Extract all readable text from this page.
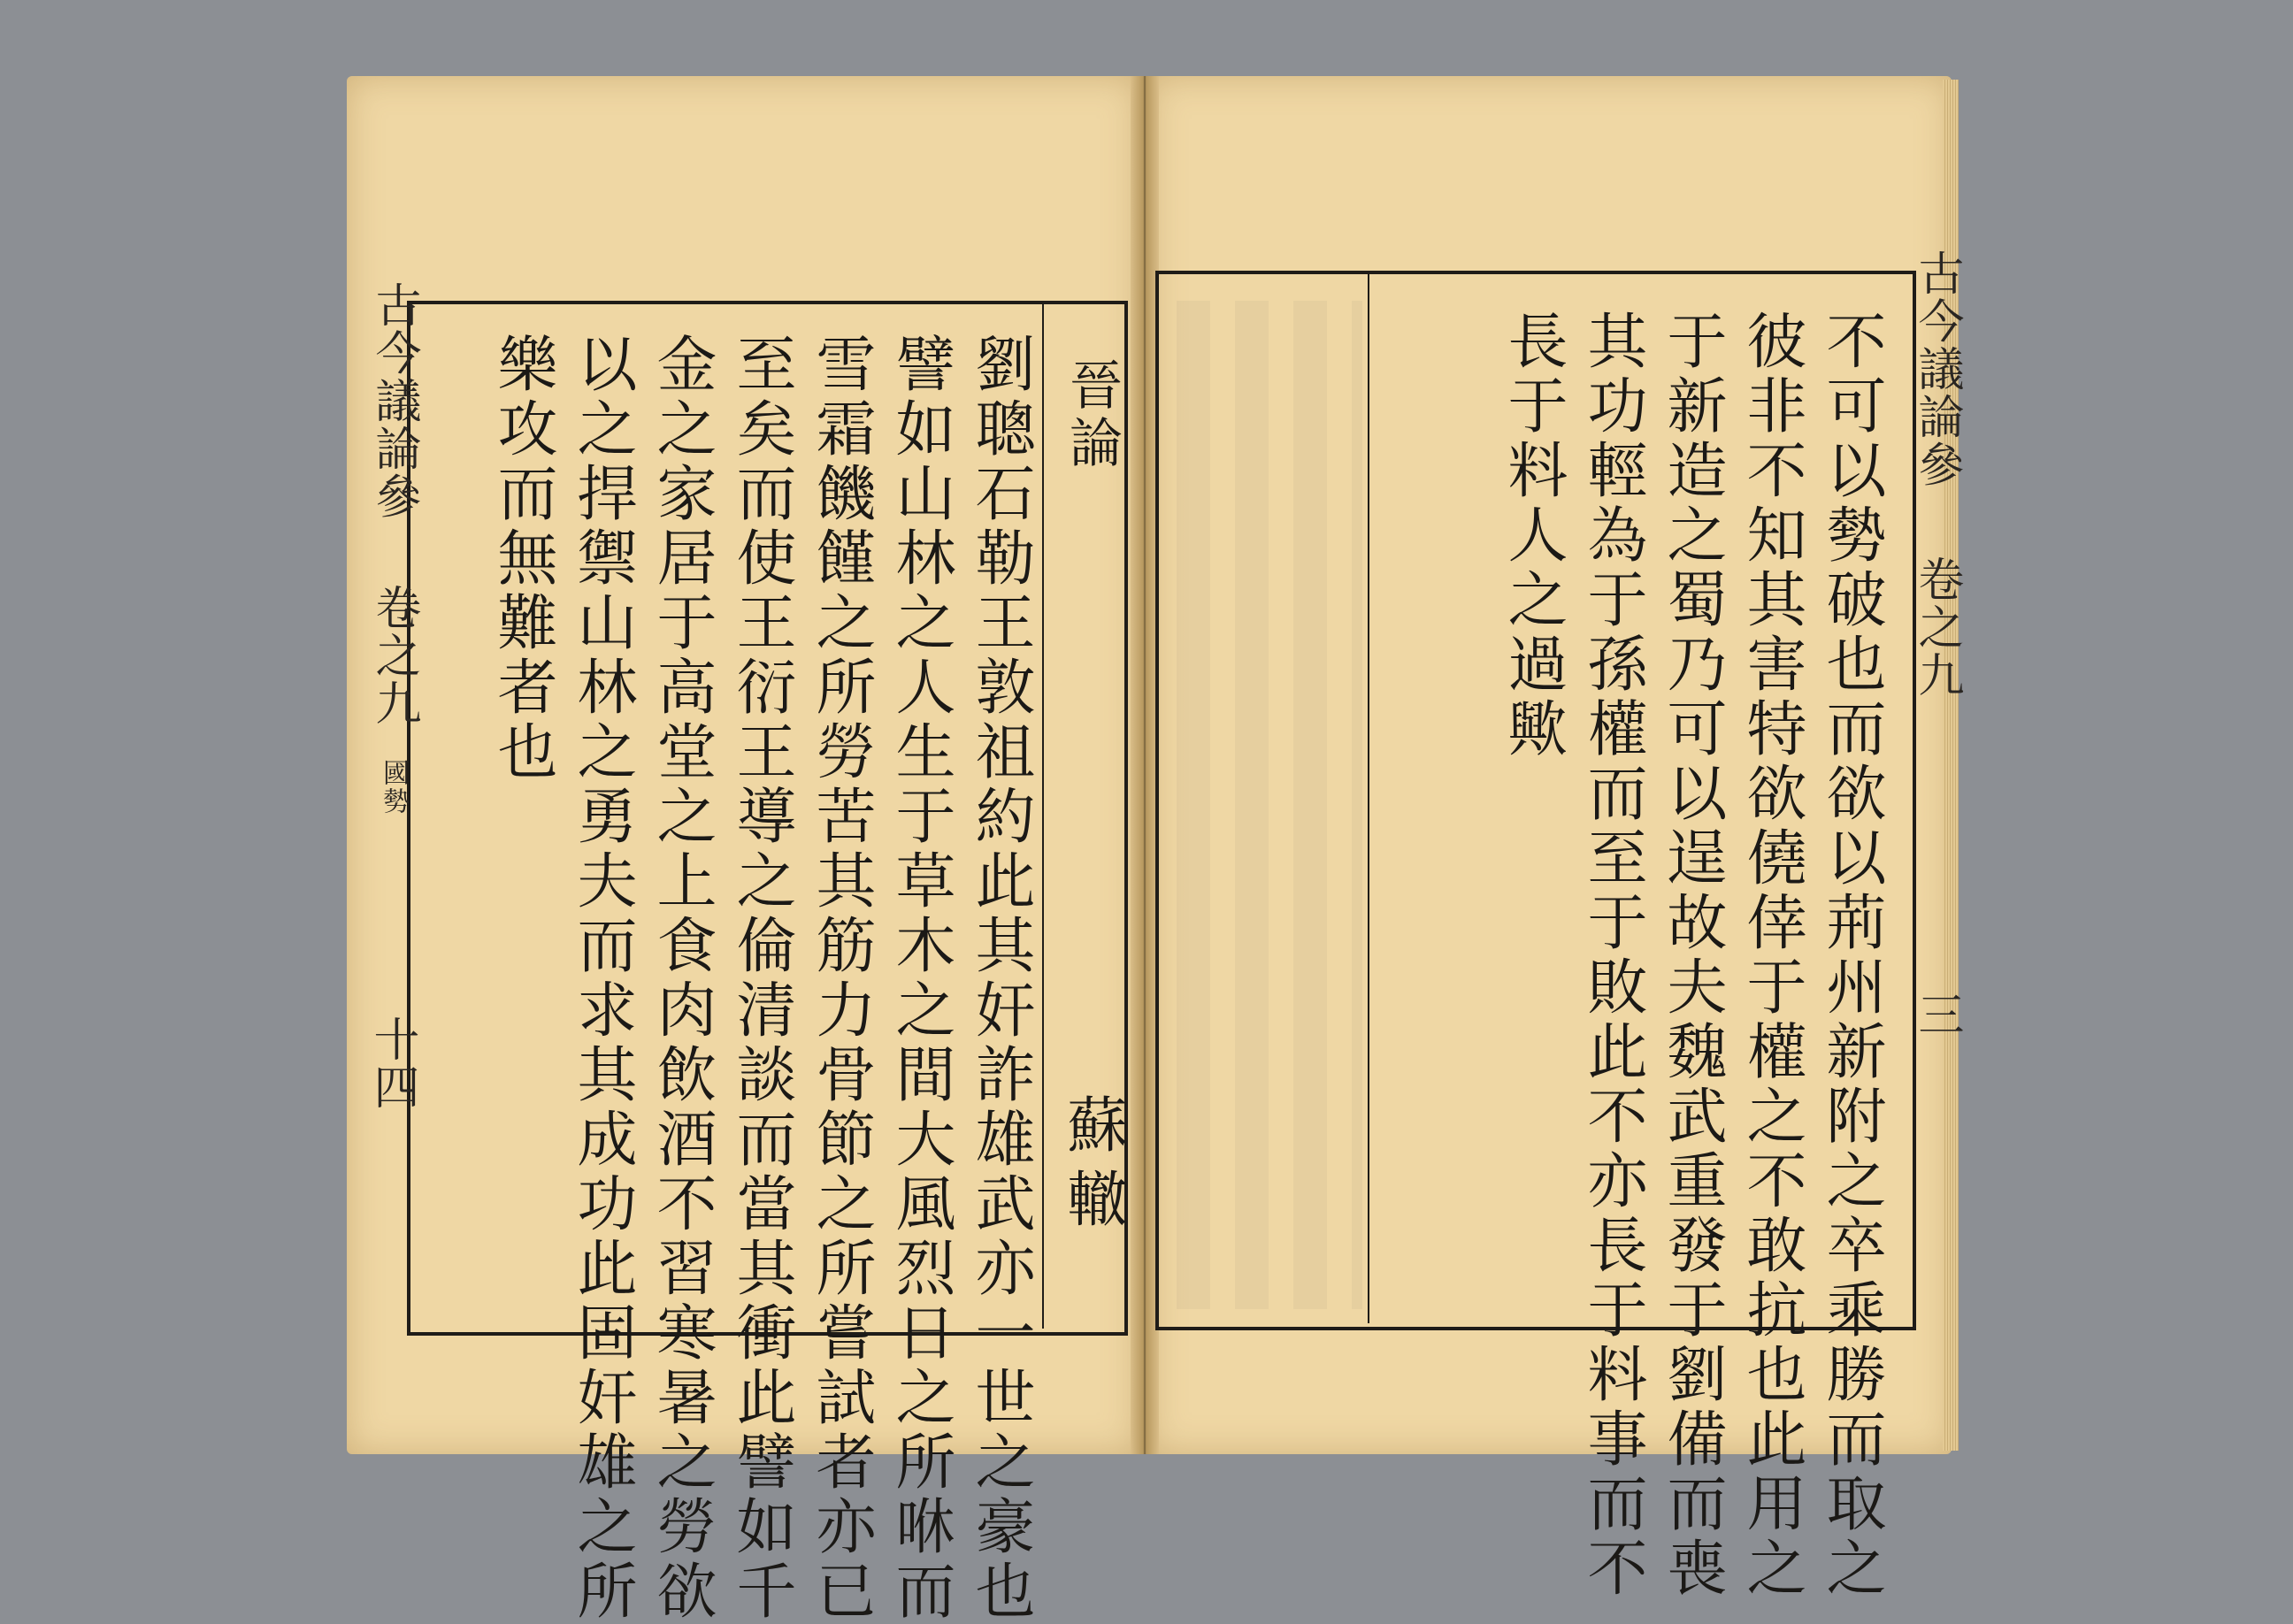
古今議論參
卷之九
國勢
十四
晉論
蘇
轍
劉聰石勒王敦祖約此其奸詐雄武亦一世之豪也
譬如山林之人生于草木之間大風烈日之所咻而
雪霜饑饉之所勞苦其筋力骨節之所嘗試者亦已
至矣而使王衍王導之倫清談而當其衝此譬如千
金之家居于高堂之上食肉飲酒不習寒暑之勞欲
以之捍禦山林之勇夫而求其成功此固奸雄之所
樂攻而無難者也	古今議論參
卷之九
三
不可以勢破也而欲以荊州新附之卒乘勝而取之
彼非不知其害特欲僥倖于權之不敢抗也此用之
于新造之蜀乃可以逞故夫魏武重發于劉備而喪
其功輕為于孫權而至于敗此不亦長于料事而不
長于料人之過歟
